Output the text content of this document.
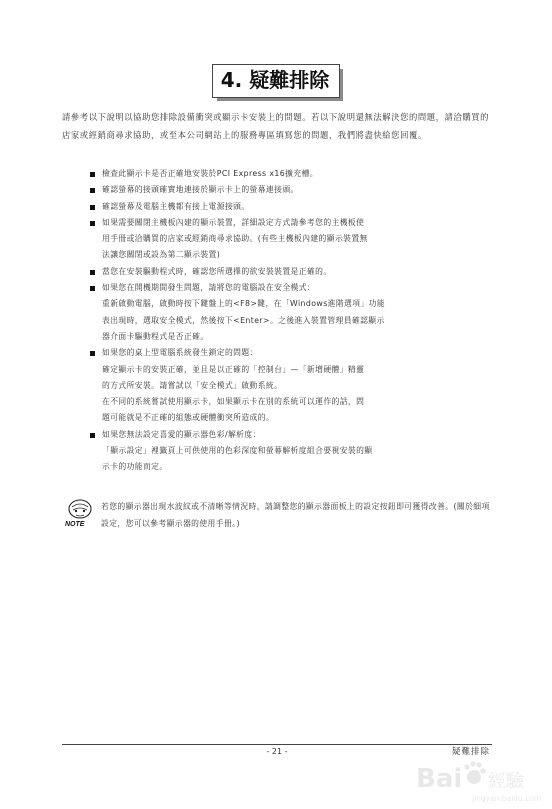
4. 疑難排除
請參考以下說明以協助您排除設備衝突或顯示卡安裝上的問題。若以下說明還無法解決您的問題，請洽購買的店家或經銷商尋求協助，或至本公司網站上的服務專區填寫您的問題，我們將盡快給您回覆。

檢查此顯示卡是否正確地安裝於PCI Express x16擴充槽。

確認螢幕的接頭確實地連接於顯示卡上的螢幕連接頭。

確認螢幕及電腦主機都有接上電源接頭。

如果需要關閉主機板內建的顯示裝置，詳細設定方式請參考您的主機板使

用手冊或洽購買的店家或經銷商尋求協助。(有些主機板內建的顯示裝置無

法讓您關閉或設為第二顯示裝置)

當您在安裝驅動程式時，確認您所選擇的欲安裝裝置是正確的。

如果您在開機期間發生問題，請將您的電腦設在安全模式：

重新啟動電腦，啟動時按下鍵盤上的<F8>鍵，在「Windows進階選項」功能

表出現時，選取安全模式，然後按下<Enter>。之後進入裝置管理員確認顯示

器介面卡驅動程式是否正確。

如果您的桌上型電腦系統發生鎖定的問題：

確定顯示卡的安裝正確，並且是以正確的「控制台」—「新增硬體」精靈

的方式所安裝。請嘗試以「安全模式」啟動系統。

在不同的系統嘗試使用顯示卡，如果顯示卡在別的系統可以運作的話，問

題可能就是不正確的組態或硬體衝突所造成的。

如果您無法設定喜愛的顯示器色彩/解析度：

「顯示設定」裡籤頁上可供使用的色彩深度和螢幕解析度組合要視安裝的顯

示卡的功能而定。

NOTE
若您的顯示器出現水波紋或不清晰等情況時，請調整您的顯示器面板上的設定按鈕即可獲得改善。(關於細項設定，您可以參考顯示器的使用手冊。)
- 21 -	疑難排除
Bai 經驗
jingyan.baidu.com
